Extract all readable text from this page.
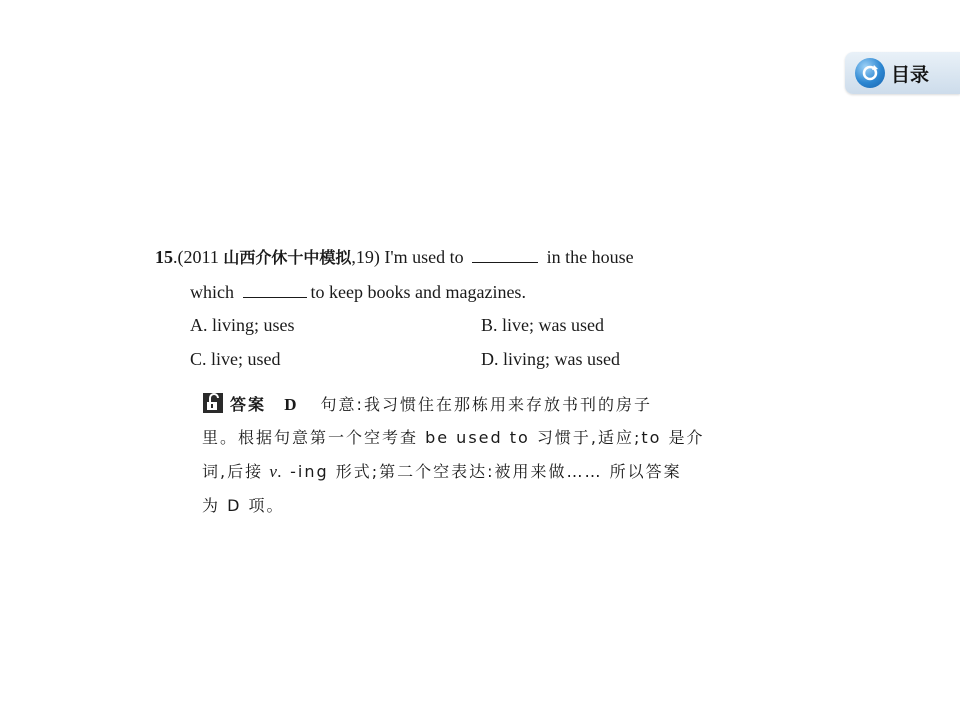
目录
15.(2011 山西介休十中模拟,19) I'm used to	in the house
which	to keep books and magazines.
A. living; uses	B. live; was used
C. live; used	D. living; was used
答案 D 句意:我习惯住在那栋用来存放书刊的房子
里。根据句意第一个空考查 be used to 习惯于,适应;to 是介
词,后接 v. -ing 形式;第二个空表达:被用来做…… 所以答案
为 D 项。
